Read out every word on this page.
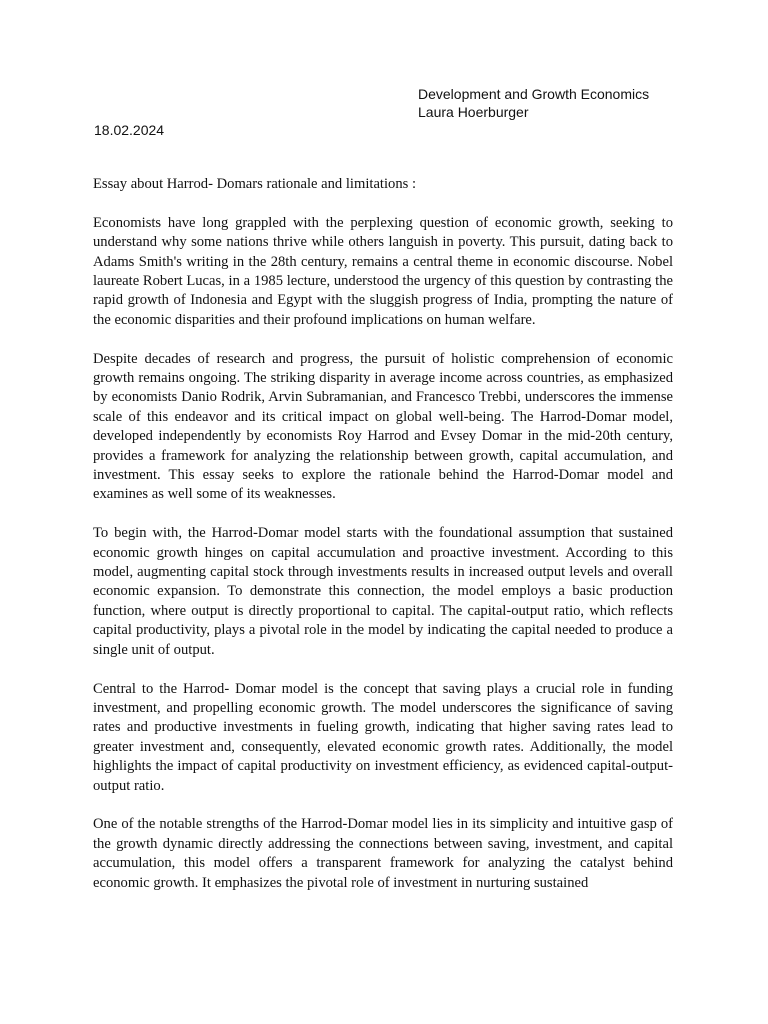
Development and Growth Economics
Laura Hoerburger
18.02.2024

Essay about Harrod- Domars rationale and limitations :

Economists have long grappled with the perplexing question of economic growth, seeking to understand why some nations thrive while others languish in poverty. This pursuit, dating back to Adams Smith's writing in the 28th century, remains a central theme in economic discourse. Nobel laureate Robert Lucas, in a 1985 lecture, understood the urgency of this question by contrasting the rapid growth of Indonesia and Egypt with the sluggish progress of India, prompting the nature of the economic disparities and their profound implications on human welfare.

Despite decades of research and progress, the pursuit of holistic comprehension of economic growth remains ongoing. The striking disparity in average income across countries, as emphasized by economists Danio Rodrik, Arvin Subramanian, and Francesco Trebbi, underscores the immense scale of this endeavor and its critical impact on global well-being. The Harrod-Domar model, developed independently by economists Roy Harrod and Evsey Domar in the mid-20th century, provides a framework for analyzing the relationship between growth, capital accumulation, and investment. This essay seeks to explore the rationale behind the Harrod-Domar model and examines as well some of its weaknesses.

To begin with, the Harrod-Domar model starts with the foundational assumption that sustained economic growth hinges on capital accumulation and proactive investment. According to this model, augmenting capital stock through investments results in increased output levels and overall economic expansion. To demonstrate this connection, the model employs a basic production function, where output is directly proportional to capital. The capital-output ratio, which reflects capital productivity, plays a pivotal role in the model by indicating the capital needed to produce a single unit of output.

Central to the Harrod- Domar model is the concept that saving plays a crucial role in funding investment, and propelling economic growth. The model underscores the significance of saving rates and productive investments in fueling growth, indicating that higher saving rates lead to greater investment and, consequently, elevated economic growth rates. Additionally, the model highlights the impact of capital productivity on investment efficiency, as evidenced capital-output-output ratio.

One of the notable strengths of the Harrod-Domar model lies in its simplicity and intuitive gasp of the growth dynamic directly addressing the connections between saving, investment, and capital accumulation, this model offers a transparent framework for analyzing the catalyst behind economic growth. It emphasizes the pivotal role of investment in nurturing sustained
